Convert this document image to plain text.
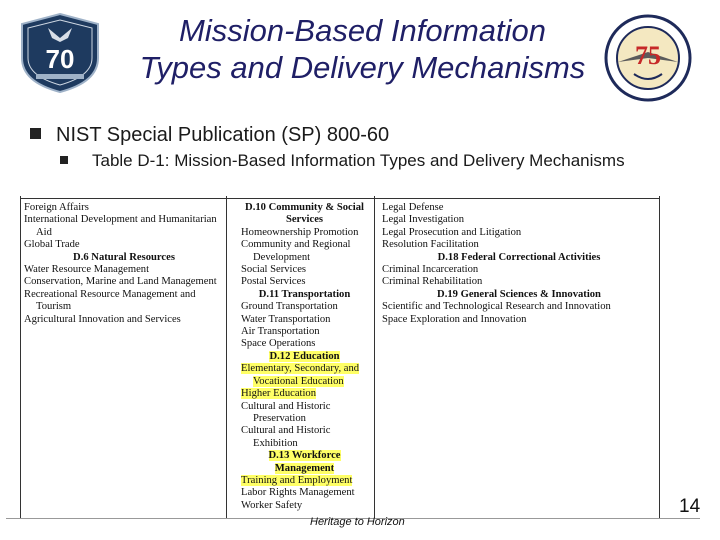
70
Mission-Based Information
Types and Delivery Mechanisms	75
NIST Special Publication (SP) 800-60
Table D-1: Mission-Based Information Types and Delivery Mechanisms
Foreign Affairs
International Development and Humanitarian
Aid
Global Trade
D.6 Natural Resources
Water Resource Management
Conservation, Marine and Land Management
Recreational Resource Management and
Tourism
Agricultural Innovation and Services
D.10 Community & Social
Services
Homeownership Promotion
Community and Regional
Development
Social Services
Postal Services
D.11 Transportation
Ground Transportation
Water Transportation
Air Transportation
Space Operations
D.12 Education
Elementary, Secondary, and
Vocational Education
Higher Education
Cultural and Historic
Preservation
Cultural and Historic
Exhibition
D.13 Workforce
Management
Training and Employment
Labor Rights Management
Worker Safety
Legal Defense
Legal Investigation
Legal Prosecution and Litigation
Resolution Facilitation
D.18 Federal Correctional Activities
Criminal Incarceration
Criminal Rehabilitation
D.19 General Sciences & Innovation
Scientific and Technological Research and Innovation
Space Exploration and Innovation
Heritage to Horizon
14
